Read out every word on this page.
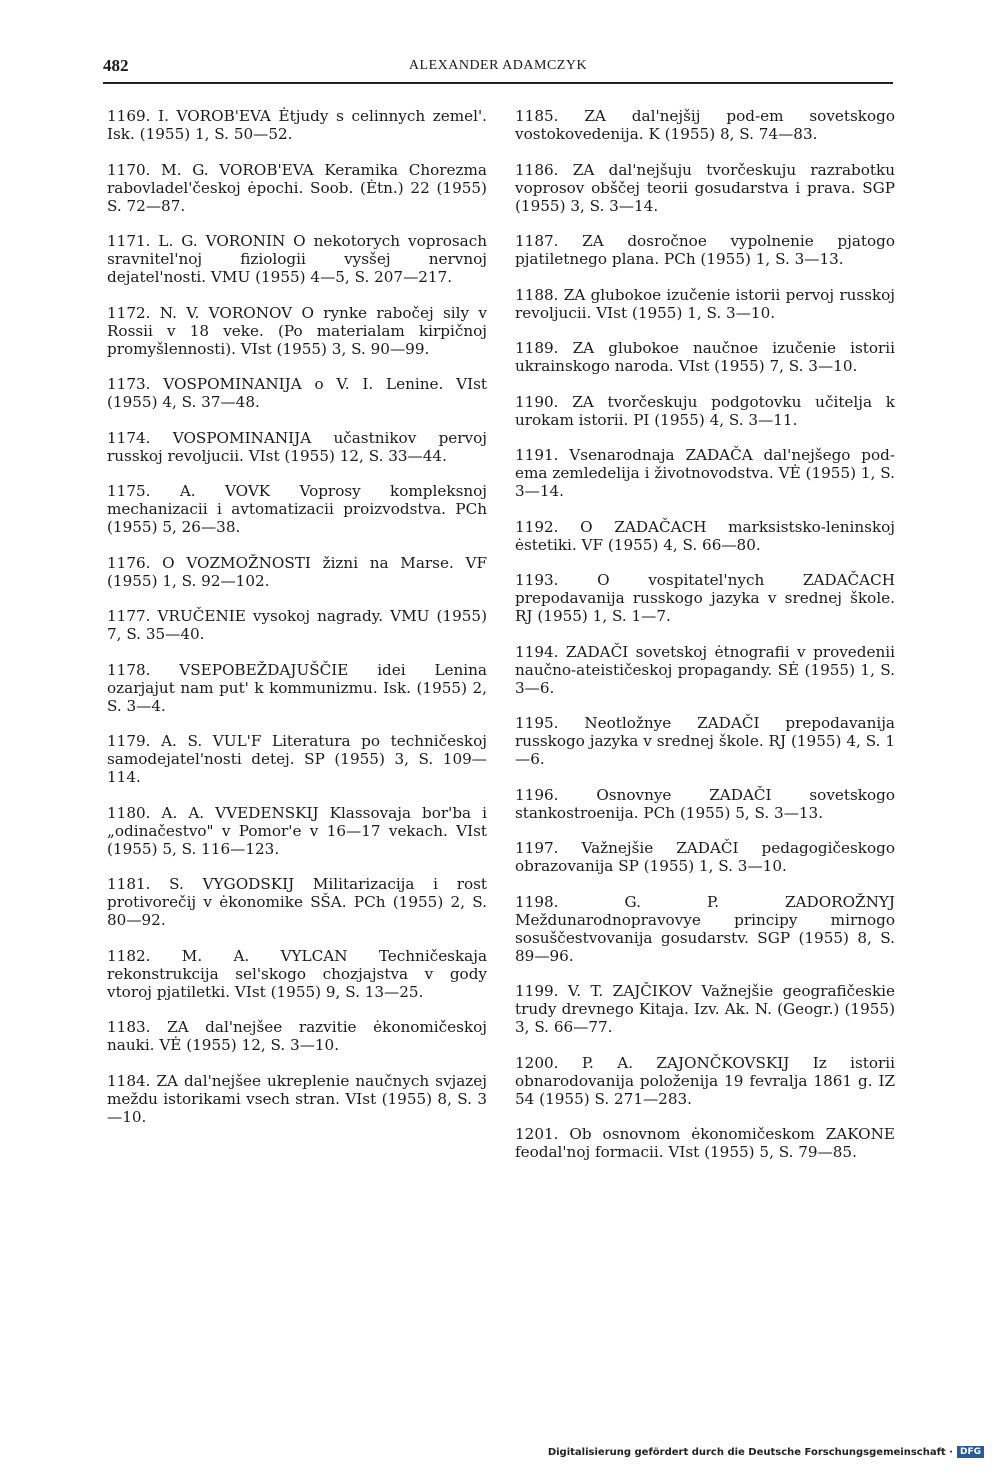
482	ALEXANDER ADAMCZYK

1169. I. VOROB'EVA Ėtjudy s celinnych zemel'. Isk. (1955) 1, S. 50—52.

1170. M. G. VOROB'EVA Keramika Chorezma rabovladel'českoj ėpochi. Soob. (Ėtn.) 22 (1955) S. 72—87.

1171. L. G. VORONIN O nekotorych voprosach sravnitel'noj fiziologii vysšej nervnoj dejatel'nosti. VMU (1955) 4—5, S. 207—217.

1172. N. V. VORONOV O rynke rabočej sily v Rossii v 18 veke. (Po materialam kirpičnoj promyšlennosti). VIst (1955) 3, S. 90—99.

1173. VOSPOMINANIJA o V. I. Lenine. VIst (1955) 4, S. 37—48.

1174. VOSPOMINANIJA učastnikov pervoj russkoj revoljucii. VIst (1955) 12, S. 33—44.

1175. A. VOVK Voprosy kompleksnoj mechanizacii i avtomatizacii proizvodstva. PCh (1955) 5, 26—38.

1176. O VOZMOŽNOSTI žizni na Marse. VF (1955) 1, S. 92—102.

1177. VRUČENIE vysokoj nagrady. VMU (1955) 7, S. 35—40.

1178. VSEPOBEŽDAJUŠČIE idei Lenina ozarjajut nam put' k kommunizmu. Isk. (1955) 2, S. 3—4.

1179. A. S. VUL'F Literatura po techničeskoj samodejatel'nosti detej. SP (1955) 3, S. 109—114.

1180. A. A. VVEDENSKIJ Klassovaja bor'ba i „odinačestvo" v Pomor'e v 16—17 vekach. VIst (1955) 5, S. 116—123.

1181. S. VYGODSKIJ Militarizacija i rost protivorečij v ėkonomike SŠA. PCh (1955) 2, S. 80—92.

1182. M. A. VYLCAN Techničeskaja rekonstrukcija sel'skogo chozjajstva v gody vtoroj pjatiletki. VIst (1955) 9, S. 13—25.

1183. ZA dal'nejšee razvitie ėkonomičeskoj nauki. VĖ (1955) 12, S. 3—10.

1184. ZA dal'nejšee ukreplenie naučnych svjazej meždu istorikami vsech stran. VIst (1955) 8, S. 3—10.

1185. ZA dal'nejšij pod-em sovetskogo vostokovedenija. K (1955) 8, S. 74—83.

1186. ZA dal'nejšuju tvorčeskuju razrabotku voprosov obščej teorii gosudarstva i prava. SGP (1955) 3, S. 3—14.

1187. ZA dosročnoe vypolnenie pjatogo pjatiletnego plana. PCh (1955) 1, S. 3—13.

1188. ZA glubokoe izučenie istorii pervoj russkoj revoljucii. VIst (1955) 1, S. 3—10.

1189. ZA glubokoe naučnoe izučenie istorii ukrainskogo naroda. VIst (1955) 7, S. 3—10.

1190. ZA tvorčeskuju podgotovku učitelja k urokam istorii. PI (1955) 4, S. 3—11.

1191. Vsenarodnaja ZADAČA dal'nejšego pod-ema zemledelija i životnovodstva. VĖ (1955) 1, S. 3—14.

1192. O ZADAČACH marksistsko-leninskoj ėstetiki. VF (1955) 4, S. 66—80.

1193. O vospitatel'nych ZADAČACH prepodavanija russkogo jazyka v srednej škole. RJ (1955) 1, S. 1—7.

1194. ZADAČI sovetskoj ėtnografii v provedenii naučno-ateističeskoj propagandy. SĖ (1955) 1, S. 3—6.

1195. Neotložnye ZADAČI prepodavanija russkogo jazyka v srednej škole. RJ (1955) 4, S. 1—6.

1196. Osnovnye ZADAČI sovetskogo stankostroenija. PCh (1955) 5, S. 3—13.

1197. Važnejšie ZADAČI pedagogičeskogo obrazovanija SP (1955) 1, S. 3—10.

1198. G. P. ZADOROŽNYJ Meždunarodnopravovye principy mirnogo sosuščestvovanija gosudarstv. SGP (1955) 8, S. 89—96.

1199. V. T. ZAJČIKOV Važnejšie geografičeskie trudy drevnego Kitaja. Izv. Ak. N. (Geogr.) (1955) 3, S. 66—77.

1200. P. A. ZAJONČKOVSKIJ Iz istorii obnarodovanija položenija 19 fevralja 1861 g. IZ 54 (1955) S. 271—283.

1201. Ob osnovnom ėkonomičeskom ZAKONE feodal'noj formacii. VIst (1955) 5, S. 79—85.

Digitalisierung gefördert durch die Deutsche Forschungsgemeinschaft · DFG
